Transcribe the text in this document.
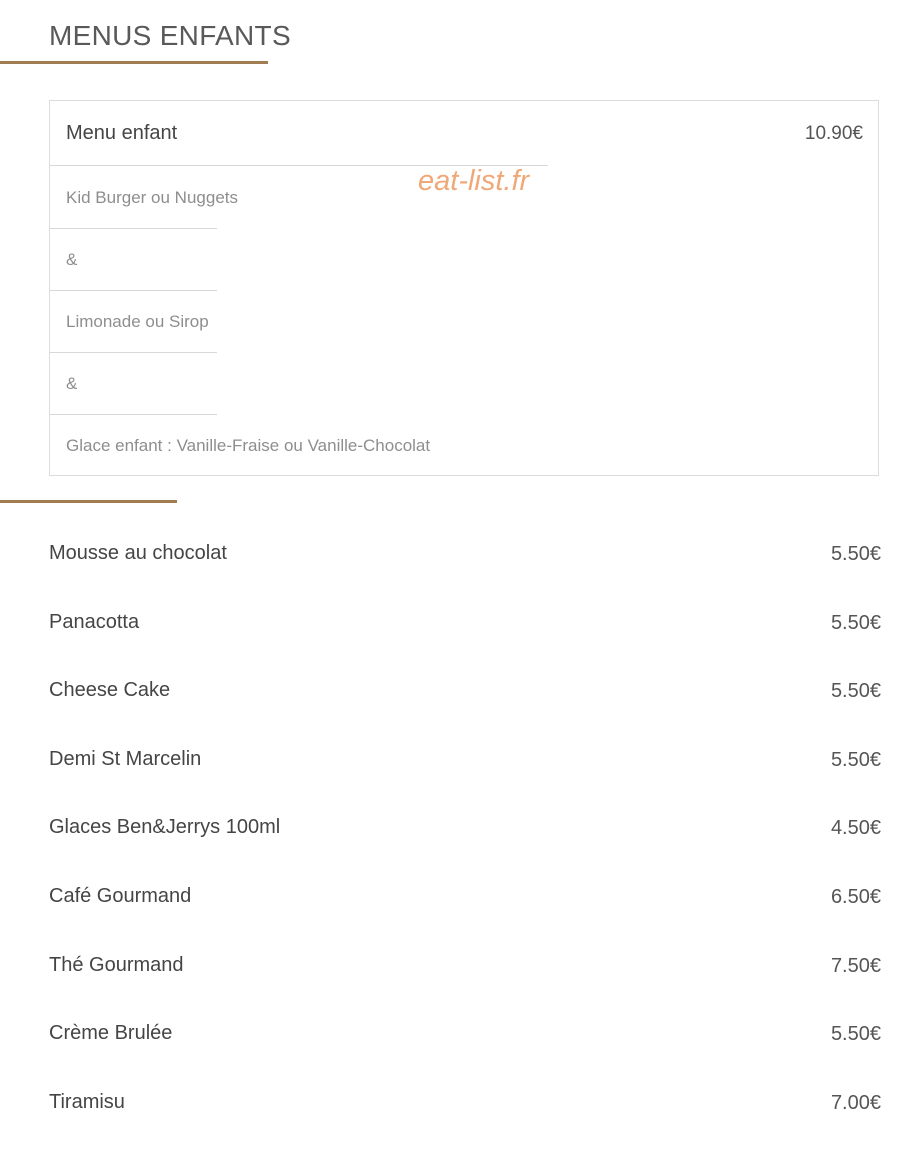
MENUS ENFANTS
Menu enfant	10.90€
Kid Burger ou Nuggets
&
Limonade ou Sirop
&
Glace enfant : Vanille-Fraise ou Vanille-Chocolat
eat-list.fr
Mousse au chocolat	5.50€
Panacotta	5.50€
Cheese Cake	5.50€
Demi St Marcelin	5.50€
Glaces Ben&Jerrys 100ml	4.50€
Café Gourmand	6.50€
Thé Gourmand	7.50€
Crème Brulée	5.50€
Tiramisu	7.00€
